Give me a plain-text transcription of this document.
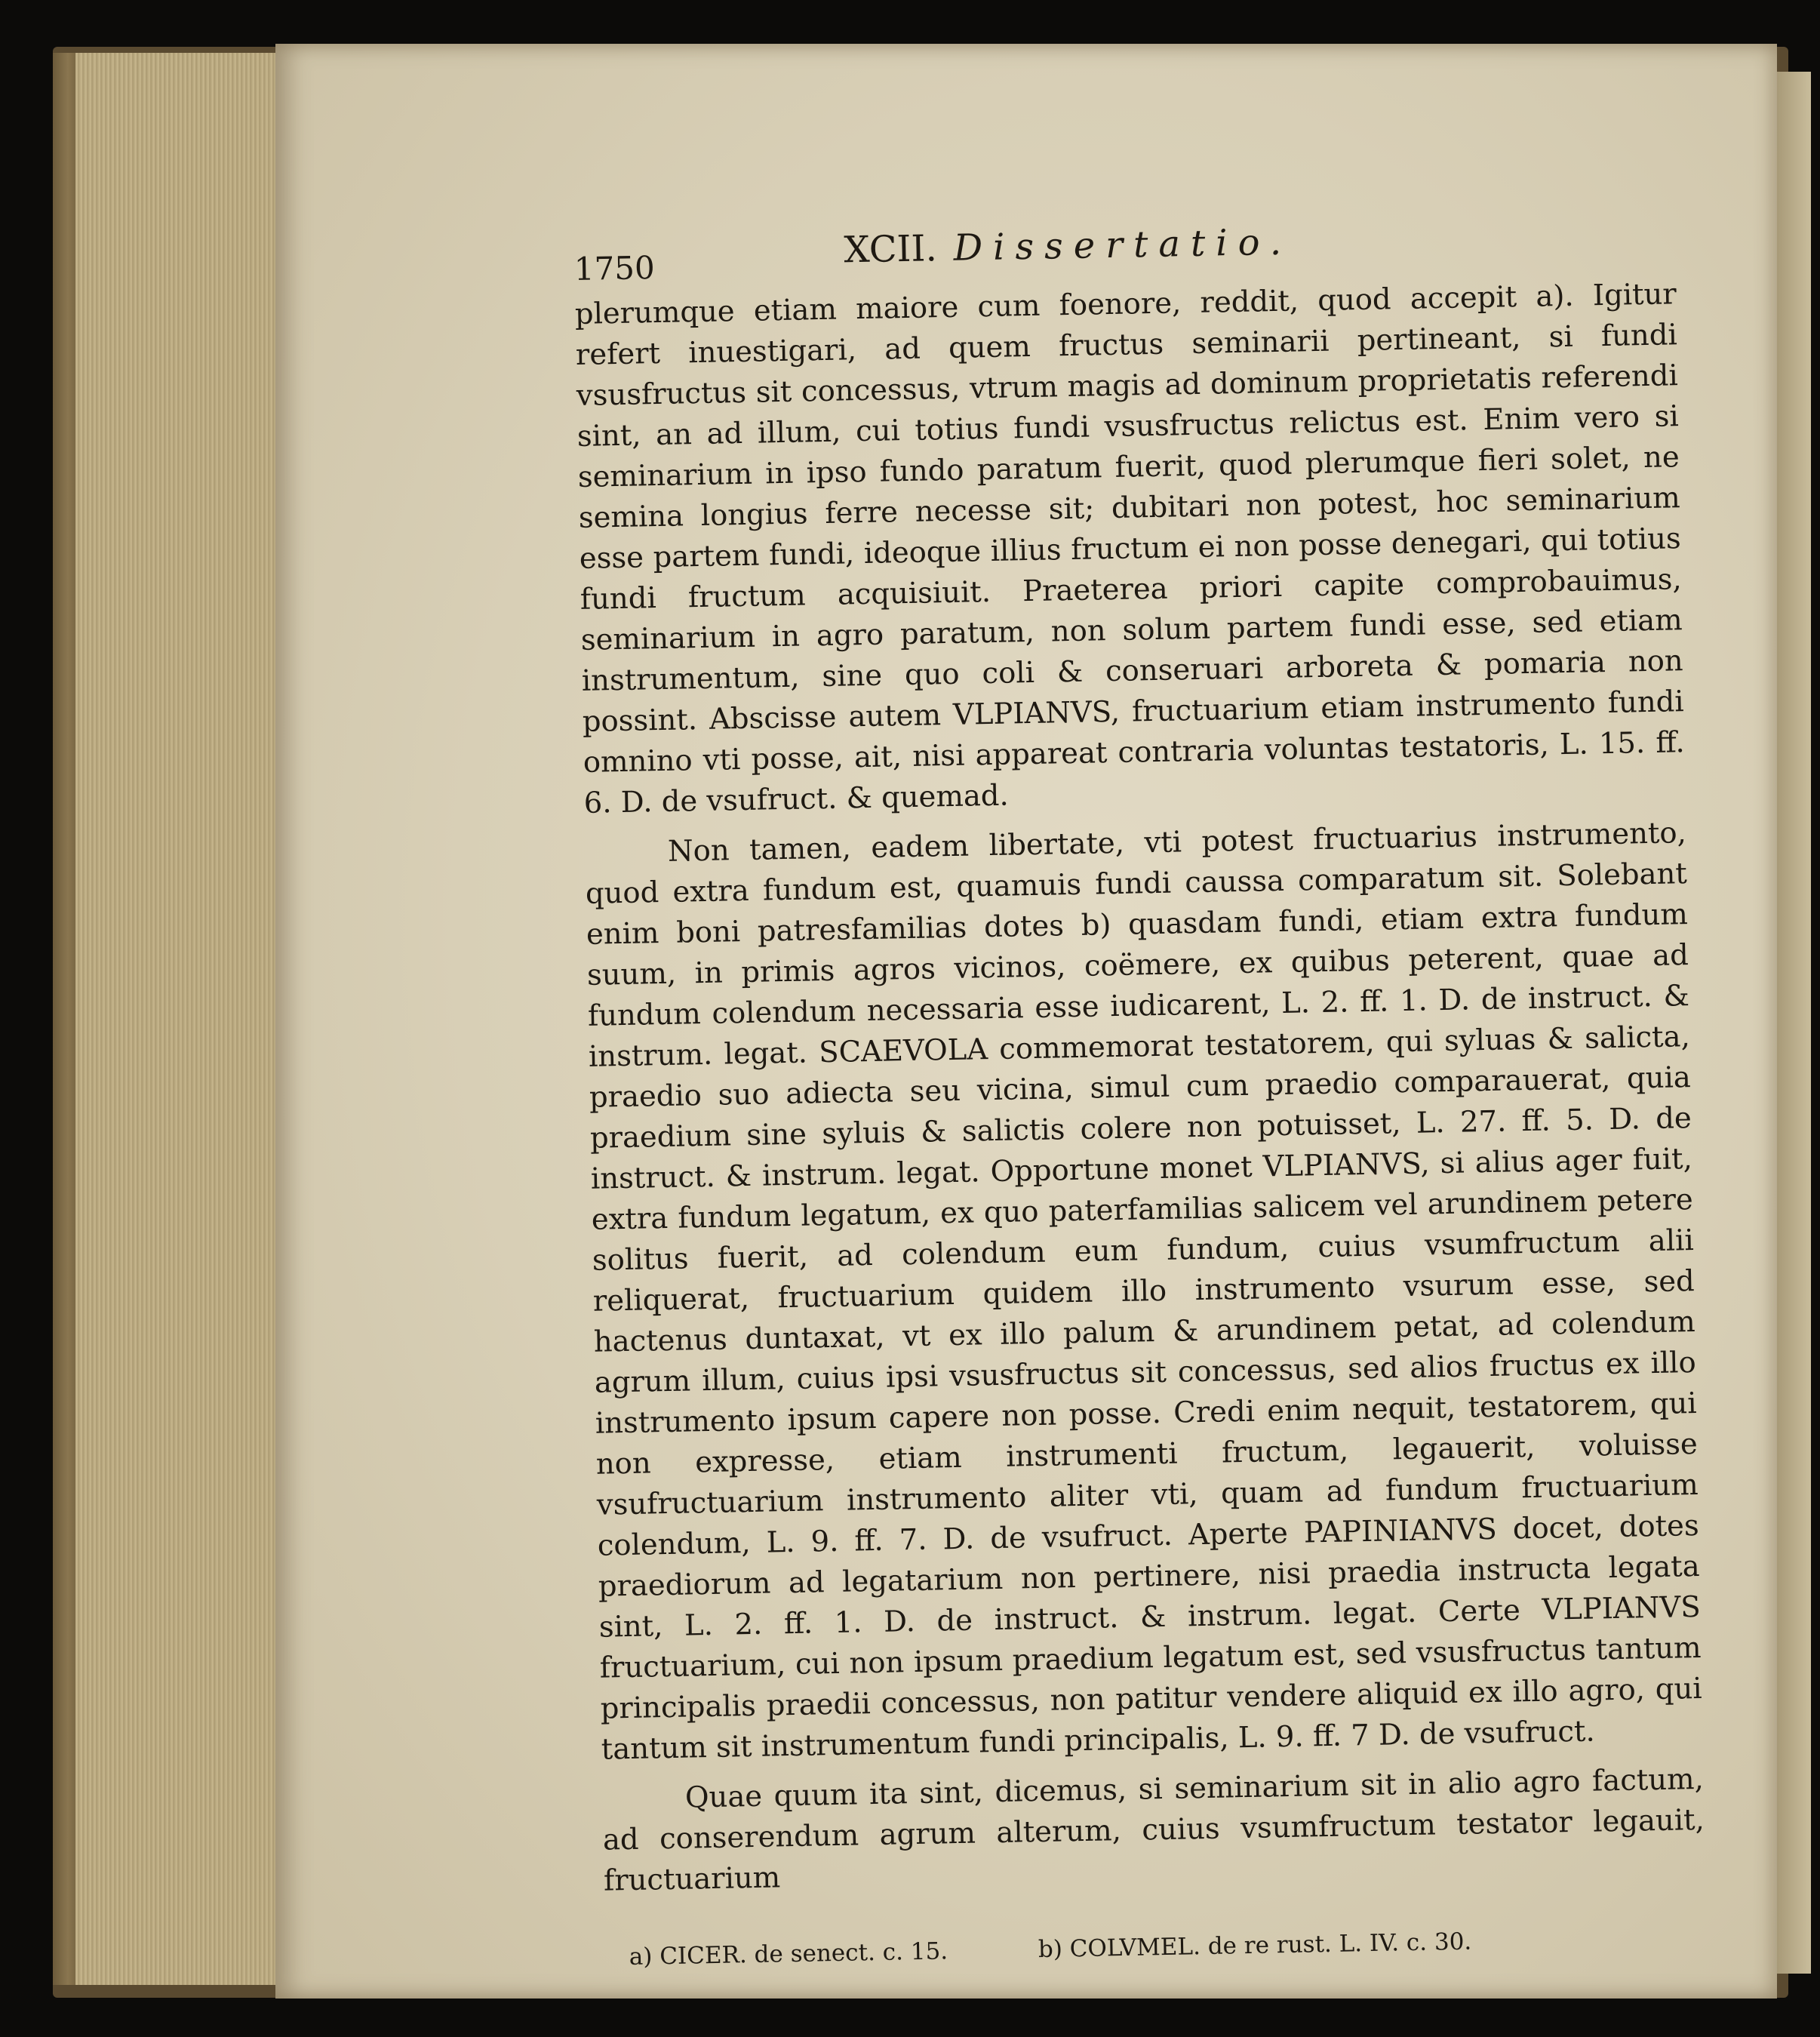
1750	XCII. Dissertatio.

plerumque etiam maiore cum foenore, reddit, quod accepit a). Igitur refert inuestigari, ad quem fructus seminarii pertineant, si fundi vsusfructus sit concessus, vtrum magis ad dominum proprietatis referendi sint, an ad illum, cui totius fundi vsusfructus relictus est. Enim vero si seminarium in ipso fundo paratum fuerit, quod plerumque fieri solet, ne semina longius ferre necesse sit; dubitari non potest, hoc seminarium esse partem fundi, ideoque illius fructum ei non posse denegari, qui totius fundi fructum acquisiuit. Praeterea priori capite comprobauimus, seminarium in agro paratum, non solum partem fundi esse, sed etiam instrumentum, sine quo coli & conseruari arboreta & pomaria non possint. Abscisse autem VLPIANVS, fructuarium etiam instrumento fundi omnino vti posse, ait, nisi appareat contraria voluntas testatoris, L. 15. ff. 6. D. de vsufruct. & quemad.

Non tamen, eadem libertate, vti potest fructuarius instrumento, quod extra fundum est, quamuis fundi caussa comparatum sit. Solebant enim boni patresfamilias dotes b) quasdam fundi, etiam extra fundum suum, in primis agros vicinos, coëmere, ex quibus peterent, quae ad fundum colendum necessaria esse iudicarent, L. 2. ff. 1. D. de instruct. & instrum. legat. SCAEVOLA commemorat testatorem, qui syluas & salicta, praedio suo adiecta seu vicina, simul cum praedio comparauerat, quia praedium sine syluis & salictis colere non potuisset, L. 27. ff. 5. D. de instruct. & instrum. legat. Opportune monet VLPIANVS, si alius ager fuit, extra fundum legatum, ex quo paterfamilias salicem vel arundinem petere solitus fuerit, ad colendum eum fundum, cuius vsumfructum alii reliquerat, fructuarium quidem illo instrumento vsurum esse, sed hactenus duntaxat, vt ex illo palum & arundinem petat, ad colendum agrum illum, cuius ipsi vsusfructus sit concessus, sed alios fructus ex illo instrumento ipsum capere non posse. Credi enim nequit, testatorem, qui non expresse, etiam instrumenti fructum, legauerit, voluisse vsufructuarium instrumento aliter vti, quam ad fundum fructuarium colendum, L. 9. ff. 7. D. de vsufruct. Aperte PAPINIANVS docet, dotes praediorum ad legatarium non pertinere, nisi praedia instructa legata sint, L. 2. ff. 1. D. de instruct. & instrum. legat. Certe VLPIANVS fructuarium, cui non ipsum praedium legatum est, sed vsusfructus tantum principalis praedii concessus, non patitur vendere aliquid ex illo agro, qui tantum sit instrumentum fundi principalis, L. 9. ff. 7 D. de vsufruct.

Quae quum ita sint, dicemus, si seminarium sit in alio agro factum, ad conserendum agrum alterum, cuius vsumfructum testator legauit, fructuarium

a) CICER. de senect. c. 15.	b) COLVMEL. de re rust. L. IV. c. 30.
